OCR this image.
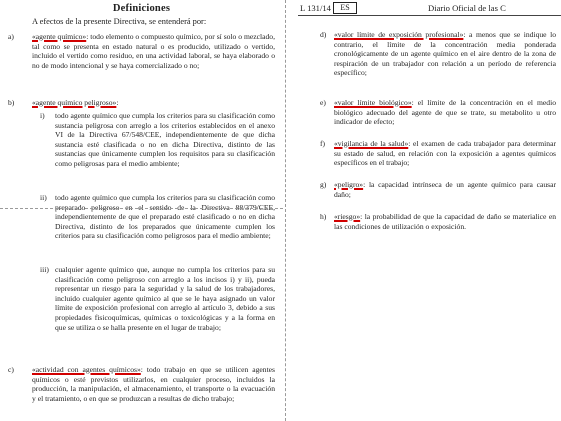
Definiciones
A efectos de la presente Directiva, se entenderá por:
a) «agente químico»: todo elemento o compuesto químico, por sí solo o mezclado, tal como se presenta en estado natural o es producido, utilizado o vertido, incluido el vertido como residuo, en una actividad laboral, se haya elaborado o no de modo intencional y se haya comercializado o no;
b) «agente químico peligroso»:
i) todo agente químico que cumpla los criterios para su clasificación como sustancia peligrosa con arreglo a los criterios establecidos en el anexo VI de la Directiva 67/548/CEE, independientemente de que dicha sustancia esté clasificada o no en dicha Directiva, distinto de las sustancias que únicamente cumplen los requisitos para su clasificación como peligrosas para el medio ambiente;
ii) todo agente químico que cumpla los criterios para su clasificación como preparado peligroso en el sentido de la Directiva 88/379/CEE, independientemente de que el preparado esté clasificado o no en dicha Directiva, distinto de los preparados que únicamente cumplen los criterios para su clasificación como peligrosos para el medio ambiente;
iii) cualquier agente químico que, aunque no cumpla los criterios para su clasificación como peligroso con arreglo a los incisos i) y ii), pueda representar un riesgo para la seguridad y la salud de los trabajadores, incluido cualquier agente químico al que se le haya asignado un valor límite de exposición profesional con arreglo al artículo 3, debido a sus propiedades fisicoquímicas, químicas o toxicológicas y a la forma en que se utiliza o se halla presente en el lugar de trabajo;
c) «actividad con agentes químicos»: todo trabajo en que se utilicen agentes químicos o esté previstos utilizarlos, en cualquier proceso, incluidos la producción, la manipulación, el almacenamiento, el transporte o la evacuación y el tratamiento, o en que se produzcan a resultas de dicho trabajo;
L 131/14	ES	Diario Oficial de las C
d) «valor límite de exposición profesional»: a menos que se indique lo contrario, el límite de la concentración media ponderada cronológicamente de un agente químico en el aire dentro de la zona de respiración de un trabajador con relación a un período de referencia específico;
e) «valor límite biológico»: el límite de la concentración en el medio biológico adecuado del agente de que se trate, su metabolito u otro indicador de efecto;
f) «vigilancia de la salud»: el examen de cada trabajador para determinar su estado de salud, en relación con la exposición a agentes químicos específicos en el trabajo;
g) «peligro»: la capacidad intrínseca de un agente químico para causar daño;
h) «riesgo»: la probabilidad de que la capacidad de daño se materialice en las condiciones de utilización o exposición.
